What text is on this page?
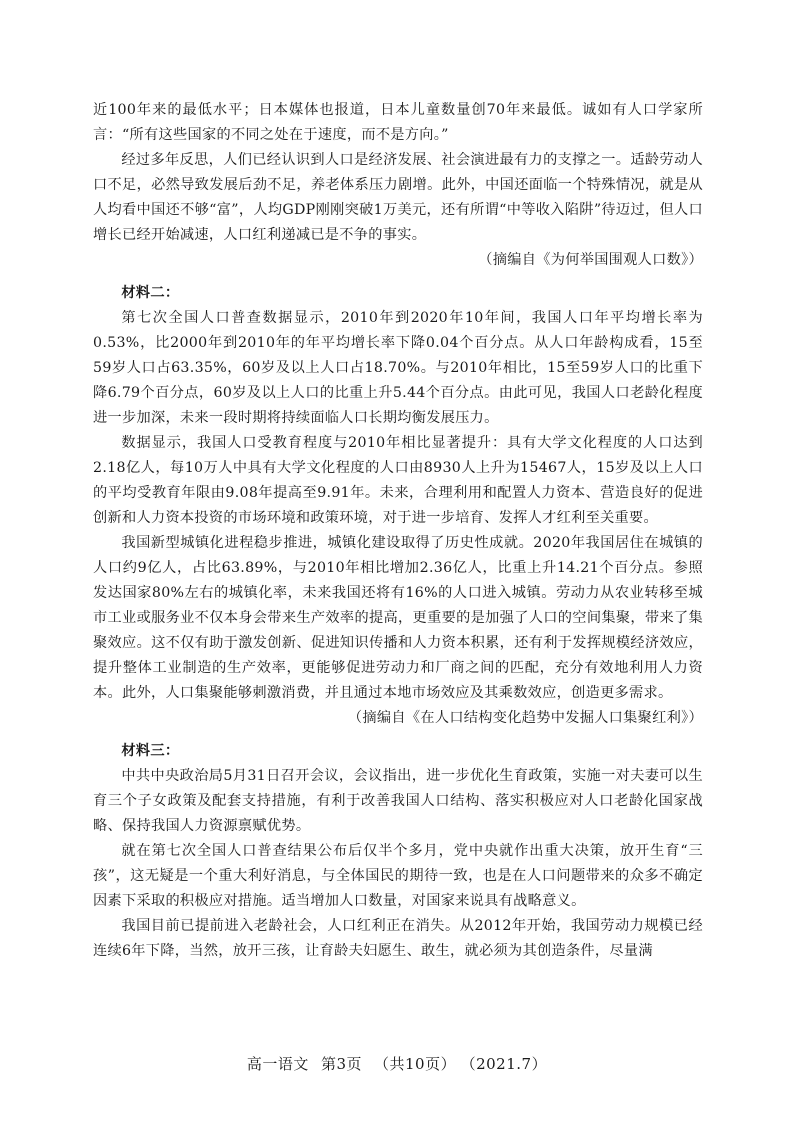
近100年来的最低水平；日本媒体也报道，日本儿童数量创70年来最低。诚如有人口学家所言：“所有这些国家的不同之处在于速度，而不是方向。”

经过多年反思，人们已经认识到人口是经济发展、社会演进最有力的支撑之一。适龄劳动人口不足，必然导致发展后劲不足，养老体系压力剧增。此外，中国还面临一个特殊情况，就是从人均看中国还不够“富”，人均GDP刚刚突破1万美元，还有所谓“中等收入陷阱”待迈过，但人口增长已经开始减速，人口红利递减已是不争的事实。

（摘编自《为何举国围观人口数》）

材料二：

第七次全国人口普查数据显示，2010年到2020年10年间，我国人口年平均增长率为0.53%，比2000年到2010年的年平均增长率下降0.04个百分点。从人口年龄构成看，15至59岁人口占63.35%，60岁及以上人口占18.70%。与2010年相比，15至59岁人口的比重下降6.79个百分点，60岁及以上人口的比重上升5.44个百分点。由此可见，我国人口老龄化程度进一步加深，未来一段时期将持续面临人口长期均衡发展压力。

数据显示，我国人口受教育程度与2010年相比显著提升：具有大学文化程度的人口达到2.18亿人，每10万人中具有大学文化程度的人口由8930人上升为15467人，15岁及以上人口的平均受教育年限由9.08年提高至9.91年。未来，合理利用和配置人力资本、营造良好的促进创新和人力资本投资的市场环境和政策环境，对于进一步培育、发挥人才红利至关重要。

我国新型城镇化进程稳步推进，城镇化建设取得了历史性成就。2020年我国居住在城镇的人口约9亿人，占比63.89%，与2010年相比增加2.36亿人，比重上升14.21个百分点。参照发达国家80%左右的城镇化率，未来我国还将有16%的人口进入城镇。劳动力从农业转移至城市工业或服务业不仅本身会带来生产效率的提高，更重要的是加强了人口的空间集聚，带来了集聚效应。这不仅有助于激发创新、促进知识传播和人力资本积累，还有利于发挥规模经济效应，提升整体工业制造的生产效率，更能够促进劳动力和厂商之间的匹配，充分有效地利用人力资本。此外，人口集聚能够刺激消费，并且通过本地市场效应及其乘数效应，创造更多需求。

（摘编自《在人口结构变化趋势中发掘人口集聚红利》）

材料三：

中共中央政治局5月31日召开会议，会议指出，进一步优化生育政策，实施一对夫妻可以生育三个子女政策及配套支持措施，有利于改善我国人口结构、落实积极应对人口老龄化国家战略、保持我国人力资源禀赋优势。

就在第七次全国人口普查结果公布后仅半个多月，党中央就作出重大决策，放开生育“三孩”，这无疑是一个重大利好消息，与全体国民的期待一致，也是在人口问题带来的众多不确定因素下采取的积极应对措施。适当增加人口数量，对国家来说具有战略意义。

我国目前已提前进入老龄社会，人口红利正在消失。从2012年开始，我国劳动力规模已经连续6年下降，当然，放开三孩，让育龄夫妇愿生、敢生，就必须为其创造条件，尽量满

高一语文 第3页 （共10页） （2021.7）
